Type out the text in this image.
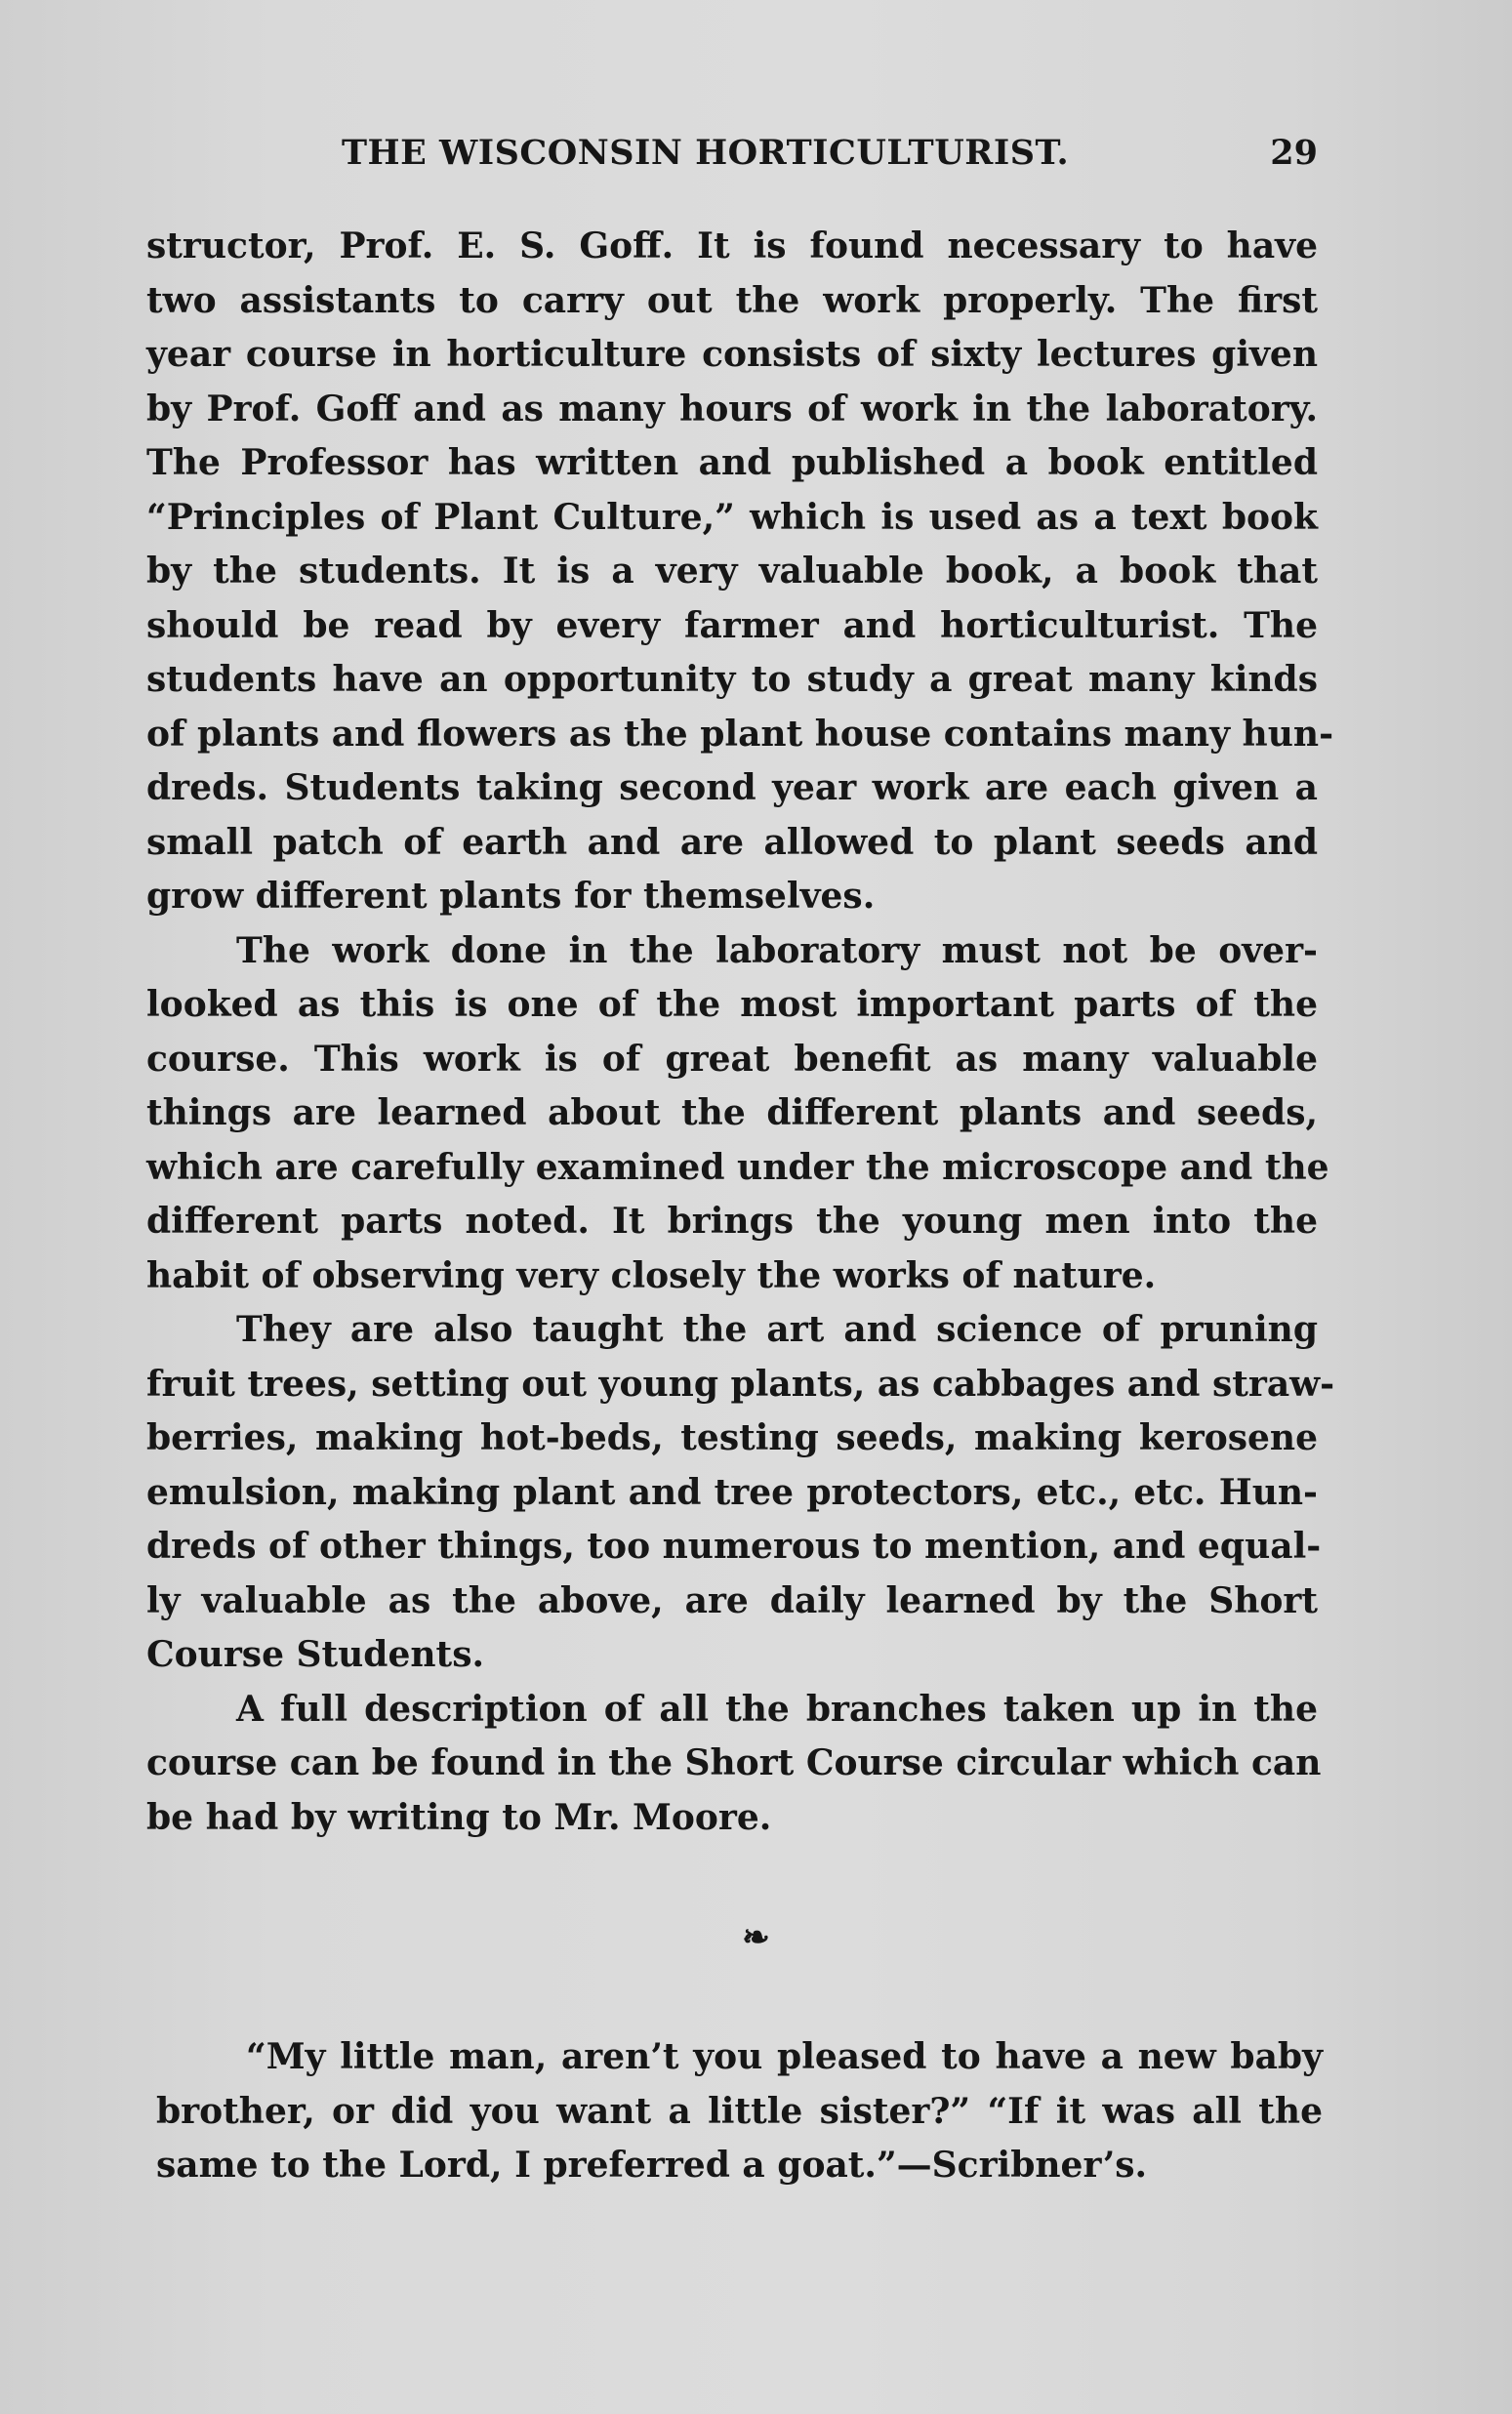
THE WISCONSIN HORTICULTURIST.	29
structor, Prof. E. S. Goff. It is found necessary to have
two assistants to carry out the work properly. The first
year course in horticulture consists of sixty lectures given
by Prof. Goff and as many hours of work in the laboratory.
The Professor has written and published a book entitled
“Principles of Plant Culture,” which is used as a text book
by the students. It is a very valuable book, a book that
should be read by every farmer and horticulturist. The
students have an opportunity to study a great many kinds
of plants and flowers as the plant house contains many hun-
dreds. Students taking second year work are each given a
small patch of earth and are allowed to plant seeds and
grow different plants for themselves.
The work done in the laboratory must not be over-
looked as this is one of the most important parts of the
course. This work is of great benefit as many valuable
things are learned about the different plants and seeds,
which are carefully examined under the microscope and the
different parts noted. It brings the young men into the
habit of observing very closely the works of nature.
They are also taught the art and science of pruning
fruit trees, setting out young plants, as cabbages and straw-
berries, making hot-beds, testing seeds, making kerosene
emulsion, making plant and tree protectors, etc., etc. Hun-
dreds of other things, too numerous to mention, and equal-
ly valuable as the above, are daily learned by the Short
Course Students.
A full description of all the branches taken up in the
course can be found in the Short Course circular which can
be had by writing to Mr. Moore.
❧
“My little man, aren’t you pleased to have a new baby
brother, or did you want a little sister?” “If it was all the
same to the Lord, I preferred a goat.”—Scribner’s.
